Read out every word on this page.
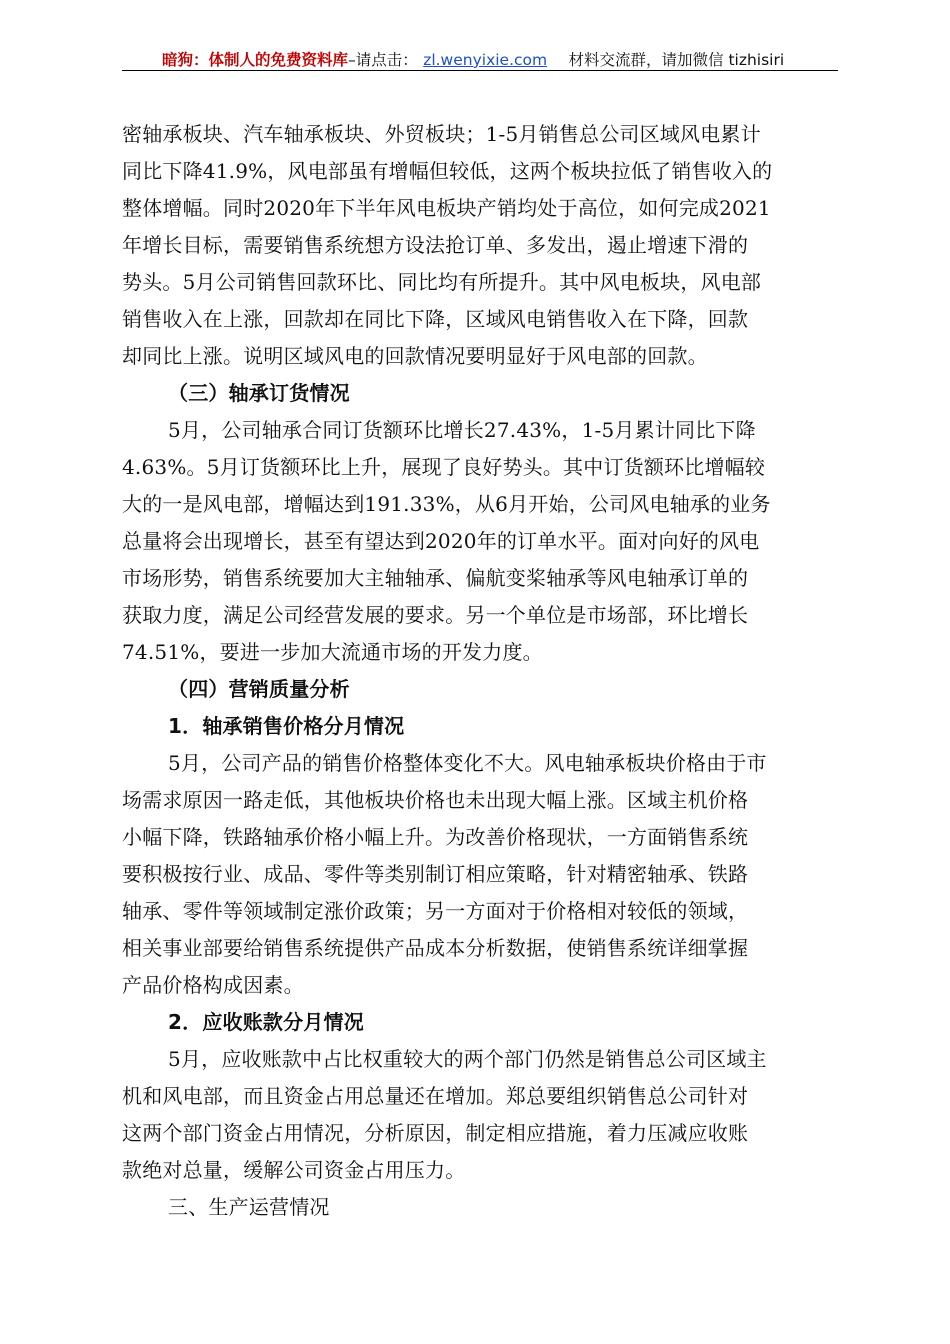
暗狗：体制人的免费资料库–请点击： zl.wenyixie.com 材料交流群，请加微信 tizhisiri
密轴承板块、汽车轴承板块、外贸板块；1-5月销售总公司区域风电累计
同比下降41.9%，风电部虽有增幅但较低，这两个板块拉低了销售收入的
整体增幅。同时2020年下半年风电板块产销均处于高位，如何完成2021
年增长目标，需要销售系统想方设法抢订单、多发出，遏止增速下滑的
势头。5月公司销售回款环比、同比均有所提升。其中风电板块，风电部
销售收入在上涨，回款却在同比下降，区域风电销售收入在下降，回款
却同比上涨。说明区域风电的回款情况要明显好于风电部的回款。
（三）轴承订货情况
5月，公司轴承合同订货额环比增长27.43%，1-5月累计同比下降
4.63%。5月订货额环比上升，展现了良好势头。其中订货额环比增幅较
大的一是风电部，增幅达到191.33%，从6月开始，公司风电轴承的业务
总量将会出现增长，甚至有望达到2020年的订单水平。面对向好的风电
市场形势，销售系统要加大主轴轴承、偏航变桨轴承等风电轴承订单的
获取力度，满足公司经营发展的要求。另一个单位是市场部，环比增长
74.51%，要进一步加大流通市场的开发力度。
（四）营销质量分析
1．轴承销售价格分月情况
5月，公司产品的销售价格整体变化不大。风电轴承板块价格由于市
场需求原因一路走低，其他板块价格也未出现大幅上涨。区域主机价格
小幅下降，铁路轴承价格小幅上升。为改善价格现状，一方面销售系统
要积极按行业、成品、零件等类别制订相应策略，针对精密轴承、铁路
轴承、零件等领域制定涨价政策；另一方面对于价格相对较低的领域，
相关事业部要给销售系统提供产品成本分析数据，使销售系统详细掌握
产品价格构成因素。
2．应收账款分月情况
5月，应收账款中占比权重较大的两个部门仍然是销售总公司区域主
机和风电部，而且资金占用总量还在增加。郑总要组织销售总公司针对
这两个部门资金占用情况，分析原因，制定相应措施，着力压减应收账
款绝对总量，缓解公司资金占用压力。
三、生产运营情况
